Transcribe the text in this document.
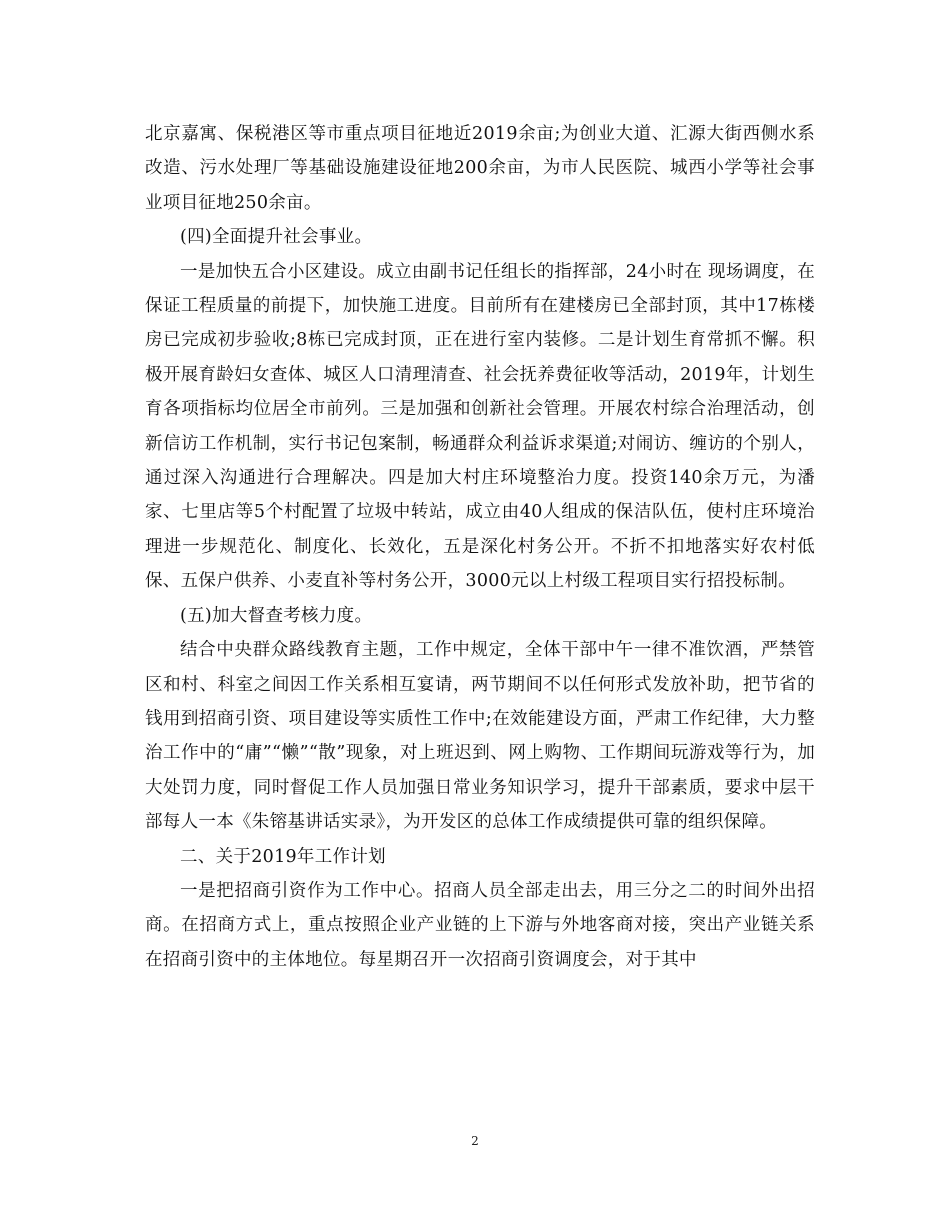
北京嘉寓、保税港区等市重点项目征地近2019余亩;为创业大道、汇源大街西侧水系改造、污水处理厂等基础设施建设征地200余亩，为市人民医院、城西小学等社会事业项目征地250余亩。

(四)全面提升社会事业。

一是加快五合小区建设。成立由副书记任组长的指挥部，24小时在 现场调度，在保证工程质量的前提下，加快施工进度。目前所有在建楼房已全部封顶，其中17栋楼房已完成初步验收;8栋已完成封顶，正在进行室内装修。二是计划生育常抓不懈。积极开展育龄妇女查体、城区人口清理清查、社会抚养费征收等活动，2019年，计划生育各项指标均位居全市前列。三是加强和创新社会管理。开展农村综合治理活动，创新信访工作机制，实行书记包案制，畅通群众利益诉求渠道;对闹访、缠访的个别人，通过深入沟通进行合理解决。四是加大村庄环境整治力度。投资140余万元，为潘家、七里店等5个村配置了垃圾中转站，成立由40人组成的保洁队伍，使村庄环境治理进一步规范化、制度化、长效化，五是深化村务公开。不折不扣地落实好农村低保、五保户供养、小麦直补等村务公开，3000元以上村级工程项目实行招投标制。

(五)加大督查考核力度。

结合中央群众路线教育主题，工作中规定，全体干部中午一律不准饮酒，严禁管区和村、科室之间因工作关系相互宴请，两节期间不以任何形式发放补助，把节省的钱用到招商引资、项目建设等实质性工作中;在效能建设方面，严肃工作纪律，大力整治工作中的“庸”“懒”“散”现象，对上班迟到、网上购物、工作期间玩游戏等行为，加大处罚力度，同时督促工作人员加强日常业务知识学习，提升干部素质，要求中层干部每人一本《朱镕基讲话实录》，为开发区的总体工作成绩提供可靠的组织保障。

二、关于2019年工作计划

一是把招商引资作为工作中心。招商人员全部走出去，用三分之二的时间外出招商。在招商方式上，重点按照企业产业链的上下游与外地客商对接，突出产业链关系在招商引资中的主体地位。每星期召开一次招商引资调度会，对于其中

2
